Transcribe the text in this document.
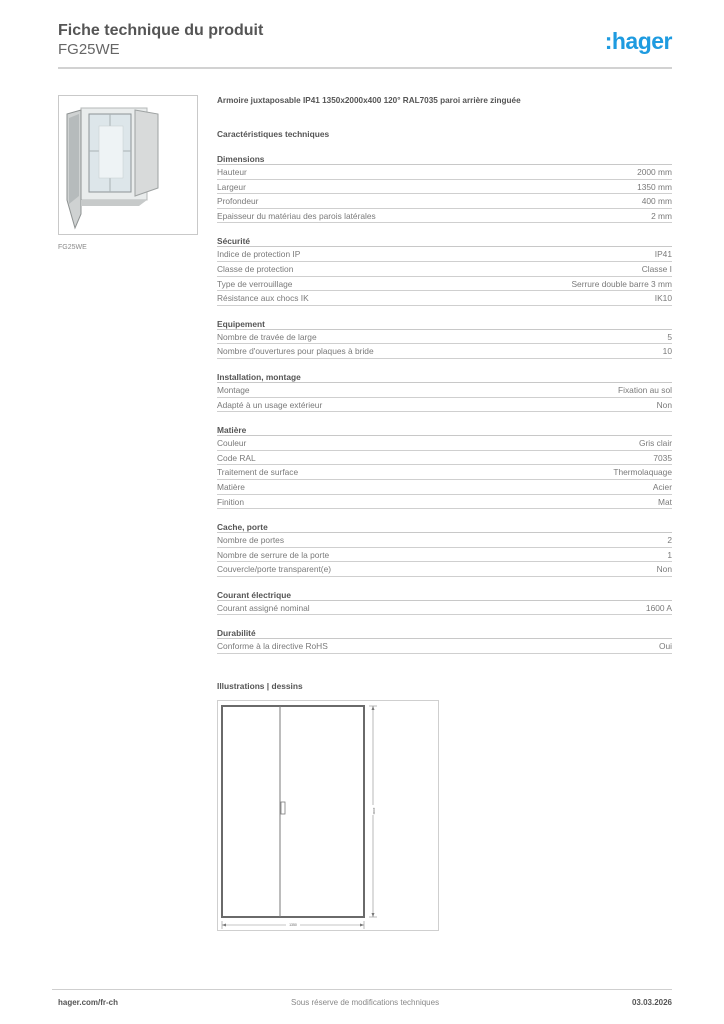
Fiche technique du produit
FG25WE	:hager
FG25WE
Armoire juxtaposable IP41 1350x2000x400 120° RAL7035 paroi arrière zinguée
Caractéristiques techniques
Dimensions
Hauteur	2000 mm
Largeur	1350 mm
Profondeur	400 mm
Epaisseur du matériau des parois latérales	2 mm
Sécurité
Indice de protection IP	IP41
Classe de protection	Classe I
Type de verrouillage	Serrure double barre 3 mm
Résistance aux chocs IK	IK10
Equipement
Nombre de travée de large	5
Nombre d'ouvertures pour plaques à bride	10
Installation, montage
Montage	Fixation au sol
Adapté à un usage extérieur	Non
Matière
Couleur	Gris clair
Code RAL	7035
Traitement de surface	Thermolaquage
Matière	Acier
Finition	Mat
Cache, porte
Nombre de portes	2
Nombre de serrure de la porte	1
Couvercle/porte transparent(e)	Non
Courant électrique
Courant assigné nominal	1600 A
Durabilité
Conforme à la directive RoHS	Oui
Illustrations | dessins
2000
1350
hager.com/fr-ch	Sous réserve de modifications techniques	03.03.2026
